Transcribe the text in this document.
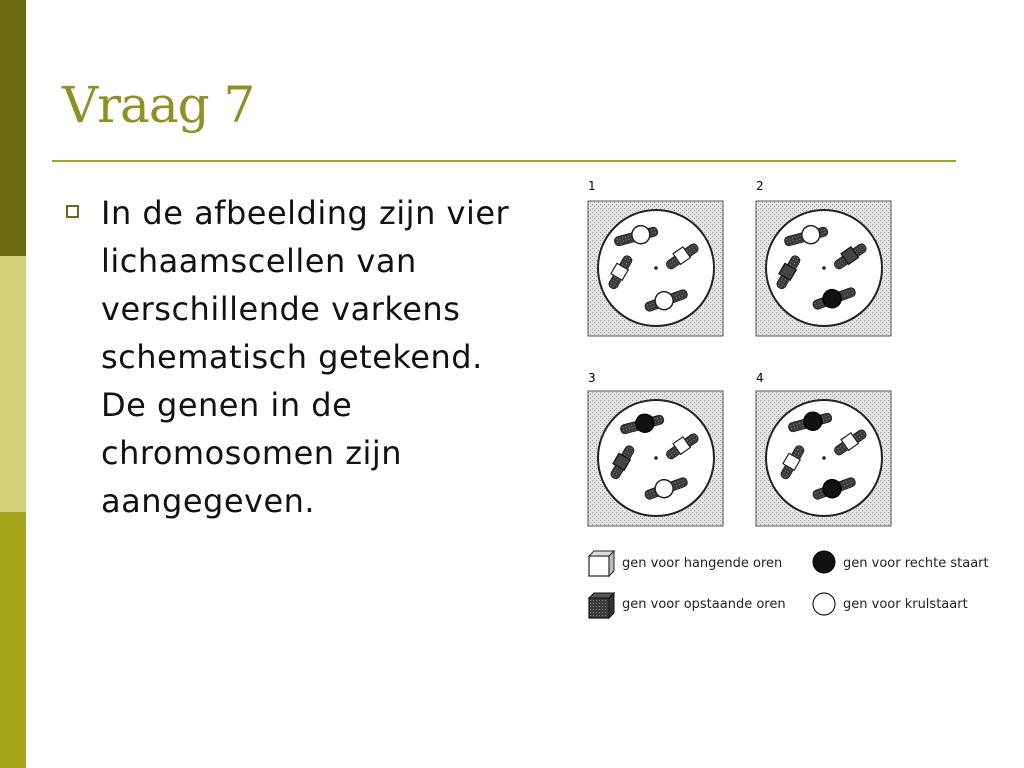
Vraag 7
In de afbeelding zijn vier lichaamscellen van verschillende varkens schematisch getekend. De genen in de chromosomen zijn aangegeven.
1	2
3	4
gen voor hangende oren	gen voor rechte staart
gen voor opstaande oren	gen voor krulstaart
